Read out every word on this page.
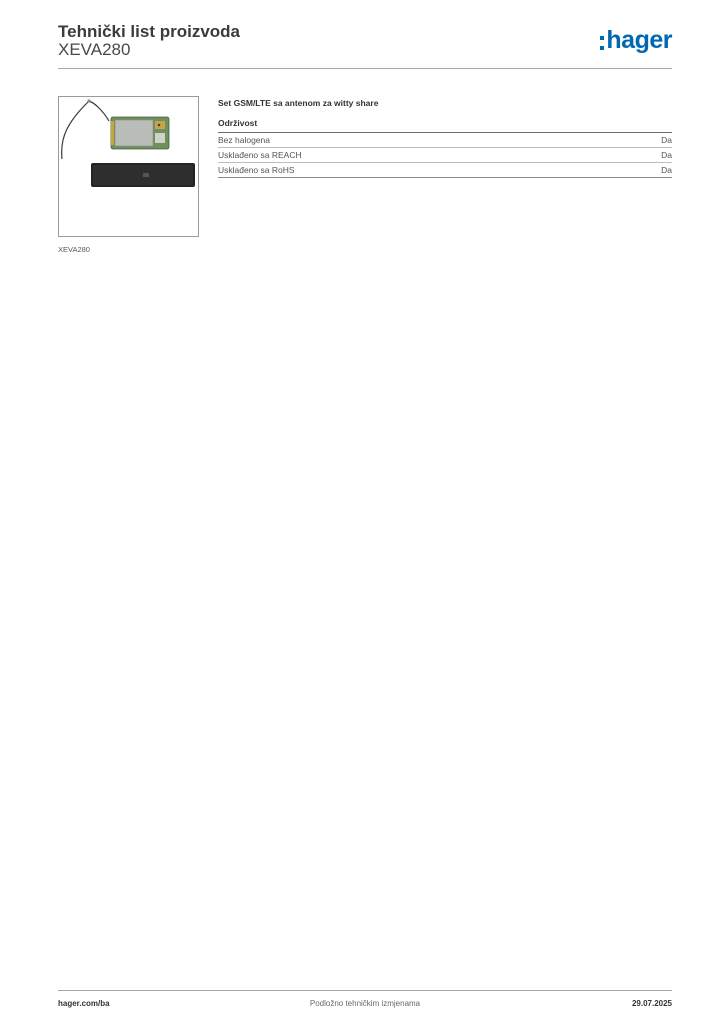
Tehnički list proizvoda
XEVA280	hager
XEVA280
Set GSM/LTE sa antenom za witty share
Održivost
Bez halogena	Da
Usklađeno sa REACH	Da
Usklađeno sa RoHS	Da
hager.com/ba	Podložno tehničkim izmjenama	29.07.2025
